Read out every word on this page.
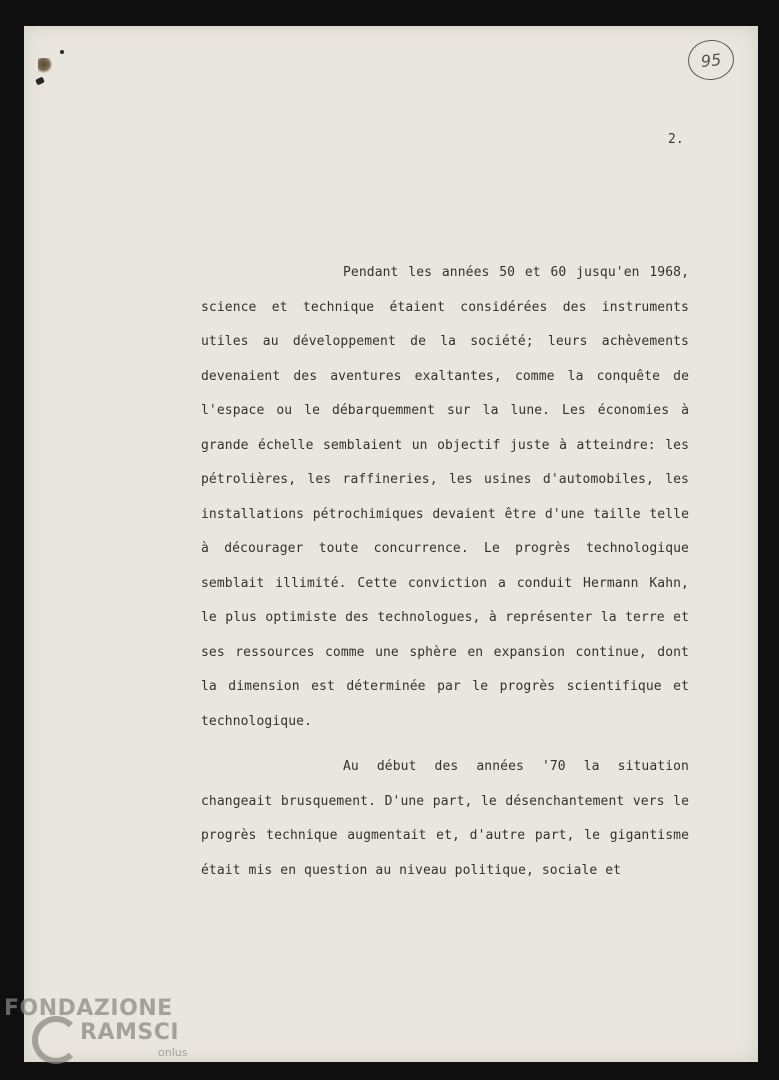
95
2.

Pendant les années 50 et 60 jusqu'en 1968, science et technique étaient considérées des instruments utiles au développement de la société; leurs achèvements devenaient des aventures exaltantes, comme la conquête de l'espace ou le débarquemment sur la lune. Les économies à grande échelle semblaient un objectif juste à atteindre: les pétrolières, les raffineries, les usines d'automobiles, les installations pétrochimiques devaient être d'une taille telle à décourager toute concurrence. Le progrès technologique semblait illimité. Cette conviction a conduit Hermann Kahn, le plus optimiste des technologues, à représenter la terre et ses ressources comme une sphère en expansion continue, dont la dimension est déterminée par le progrès scientifique et technologique.

Au début des années '70 la situation changeait brusquement. D'une part, le désenchantement vers le progrès technique augmentait et, d'autre part, le gigantisme était mis en question au niveau politique, sociale et

FONDAZIONE
RAMSCI
onlus
